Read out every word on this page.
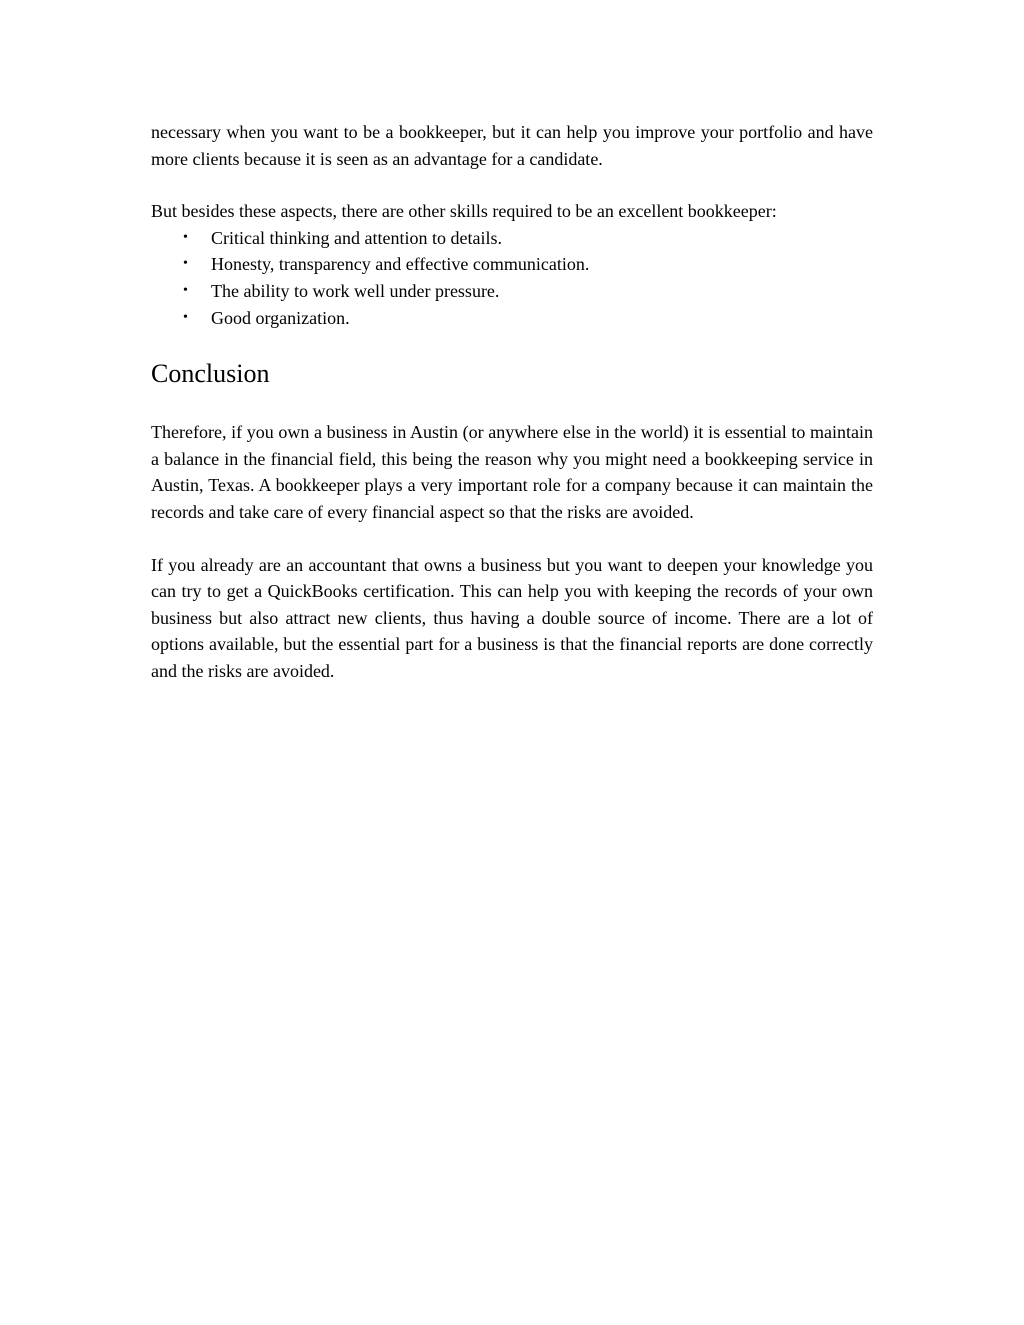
necessary when you want to be a bookkeeper, but it can help you improve your portfolio and have more clients because it is seen as an advantage for a candidate.

But besides these aspects, there are other skills required to be an excellent bookkeeper:

• Critical thinking and attention to details.
• Honesty, transparency and effective communication.
• The ability to work well under pressure.
• Good organization.
Conclusion

Therefore, if you own a business in Austin (or anywhere else in the world) it is essential to maintain a balance in the financial field, this being the reason why you might need a bookkeeping service in Austin, Texas. A bookkeeper plays a very important role for a company because it can maintain the records and take care of every financial aspect so that the risks are avoided.

If you already are an accountant that owns a business but you want to deepen your knowledge you can try to get a QuickBooks certification. This can help you with keeping the records of your own business but also attract new clients, thus having a double source of income. There are a lot of options available, but the essential part for a business is that the financial reports are done correctly and the risks are avoided.
